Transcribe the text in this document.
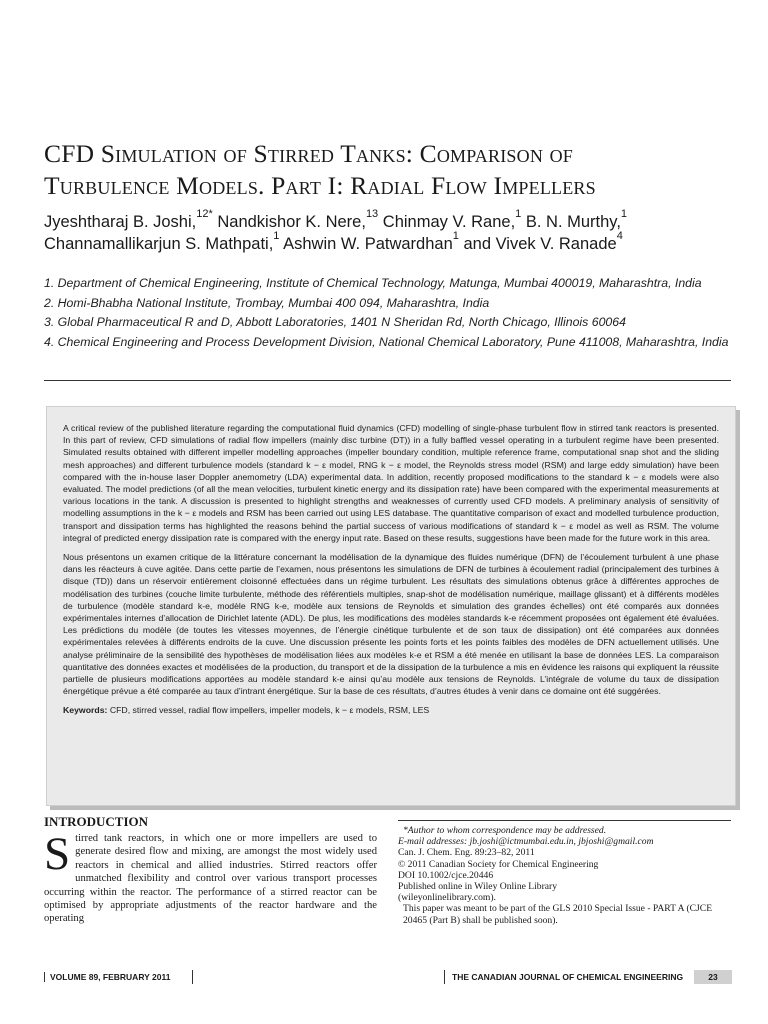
CFD Simulation of Stirred Tanks: Comparison of
Turbulence Models. Part I: Radial Flow Impellers
Jyeshtharaj B. Joshi,$^{12*}$ Nandkishor K. Nere,$^{13}$ Chinmay V. Rane,$^1$ B. N. Murthy,$^1$
Channamallikarjun S. Mathpati,$^1$ Ashwin W. Patwardhan$^1$ and Vivek V. Ranade$^4$
1. Department of Chemical Engineering, Institute of Chemical Technology, Matunga, Mumbai 400019, Maharashtra, India
2. Homi-Bhabha National Institute, Trombay, Mumbai 400 094, Maharashtra, India
3. Global Pharmaceutical R and D, Abbott Laboratories, 1401 N Sheridan Rd, North Chicago, Illinois 60064
4. Chemical Engineering and Process Development Division, National Chemical Laboratory, Pune 411008, Maharashtra, India

A critical review of the published literature regarding the computational fluid dynamics (CFD) modelling of single-phase turbulent flow in stirred tank reactors is presented. In this part of review, CFD simulations of radial flow impellers (mainly disc turbine (DT)) in a fully baffled vessel operating in a turbulent regime have been presented. Simulated results obtained with different impeller modelling approaches (impeller boundary condition, multiple reference frame, computational snap shot and the sliding mesh approaches) and different turbulence models (standard k − ε model, RNG k − ε model, the Reynolds stress model (RSM) and large eddy simulation) have been compared with the in-house laser Doppler anemometry (LDA) experimental data. In addition, recently proposed modifications to the standard k − ε models were also evaluated. The model predictions (of all the mean velocities, turbulent kinetic energy and its dissipation rate) have been compared with the experimental measurements at various locations in the tank. A discussion is presented to highlight strengths and weaknesses of currently used CFD models. A preliminary analysis of sensitivity of modelling assumptions in the k − ε models and RSM has been carried out using LES database. The quantitative comparison of exact and modelled turbulence production, transport and dissipation terms has highlighted the reasons behind the partial success of various modifications of standard k − ε model as well as RSM. The volume integral of predicted energy dissipation rate is compared with the energy input rate. Based on these results, suggestions have been made for the future work in this area.

Nous présentons un examen critique de la littérature concernant la modélisation de la dynamique des fluides numérique (DFN) de l’écoulement turbulent à une phase dans les réacteurs à cuve agitée. Dans cette partie de l’examen, nous présentons les simulations de DFN de turbines à écoulement radial (principalement des turbines à disque (TD)) dans un réservoir entièrement cloisonné effectuées dans un régime turbulent. Les résultats des simulations obtenus grâce à différentes approches de modélisation des turbines (couche limite turbulente, méthode des référentiels multiples, snap-shot de modélisation numérique, maillage glissant) et à différents modèles de turbulence (modèle standard k-e, modèle RNG k-e, modèle aux tensions de Reynolds et simulation des grandes échelles) ont été comparés aux données expérimentales internes d’allocation de Dirichlet latente (ADL). De plus, les modifications des modèles standards k-e récemment proposées ont également été évaluées. Les prédictions du modèle (de toutes les vitesses moyennes, de l’énergie cinétique turbulente et de son taux de dissipation) ont été comparées aux données expérimentales relevées à différents endroits de la cuve. Une discussion présente les points forts et les points faibles des modèles de DFN actuellement utilisés. Une analyse préliminaire de la sensibilité des hypothèses de modélisation liées aux modèles k-e et RSM a été menée en utilisant la base de données LES. La comparaison quantitative des données exactes et modélisées de la production, du transport et de la dissipation de la turbulence a mis en évidence les raisons qui expliquent la réussite partielle de plusieurs modifications apportées au modèle standard k-e ainsi qu’au modèle aux tensions de Reynolds. L’intégrale de volume du taux de dissipation énergétique prévue a été comparée au taux d’intrant énergétique. Sur la base de ces résultats, d’autres études à venir dans ce domaine ont été suggérées.

Keywords: CFD, stirred vessel, radial flow impellers, impeller models, k − ε models, RSM, LES

INTRODUCTION
Stirred tank reactors, in which one or more impellers are used to generate desired flow and mixing, are amongst the most widely used reactors in chemical and allied industries. Stirred reactors offer unmatched flexibility and control over various transport processes occurring within the reactor. The performance of a stirred reactor can be optimised by appropriate adjustments of the reactor hardware and the operating
*Author to whom correspondence may be addressed.
E-mail addresses: jb.joshi@ictmumbai.edu.in, jbjoshi@gmail.com
Can. J. Chem. Eng. 89:23–82, 2011
© 2011 Canadian Society for Chemical Engineering
DOI 10.1002/cjce.20446
Published online in Wiley Online Library
(wileyonlinelibrary.com).
This paper was meant to be part of the GLS 2010 Special Issue - PART A (CJCE 20465 (Part B) shall be published soon).
VOLUME 89, FEBRUARY 2011	THE CANADIAN JOURNAL OF CHEMICAL ENGINEERING	23
